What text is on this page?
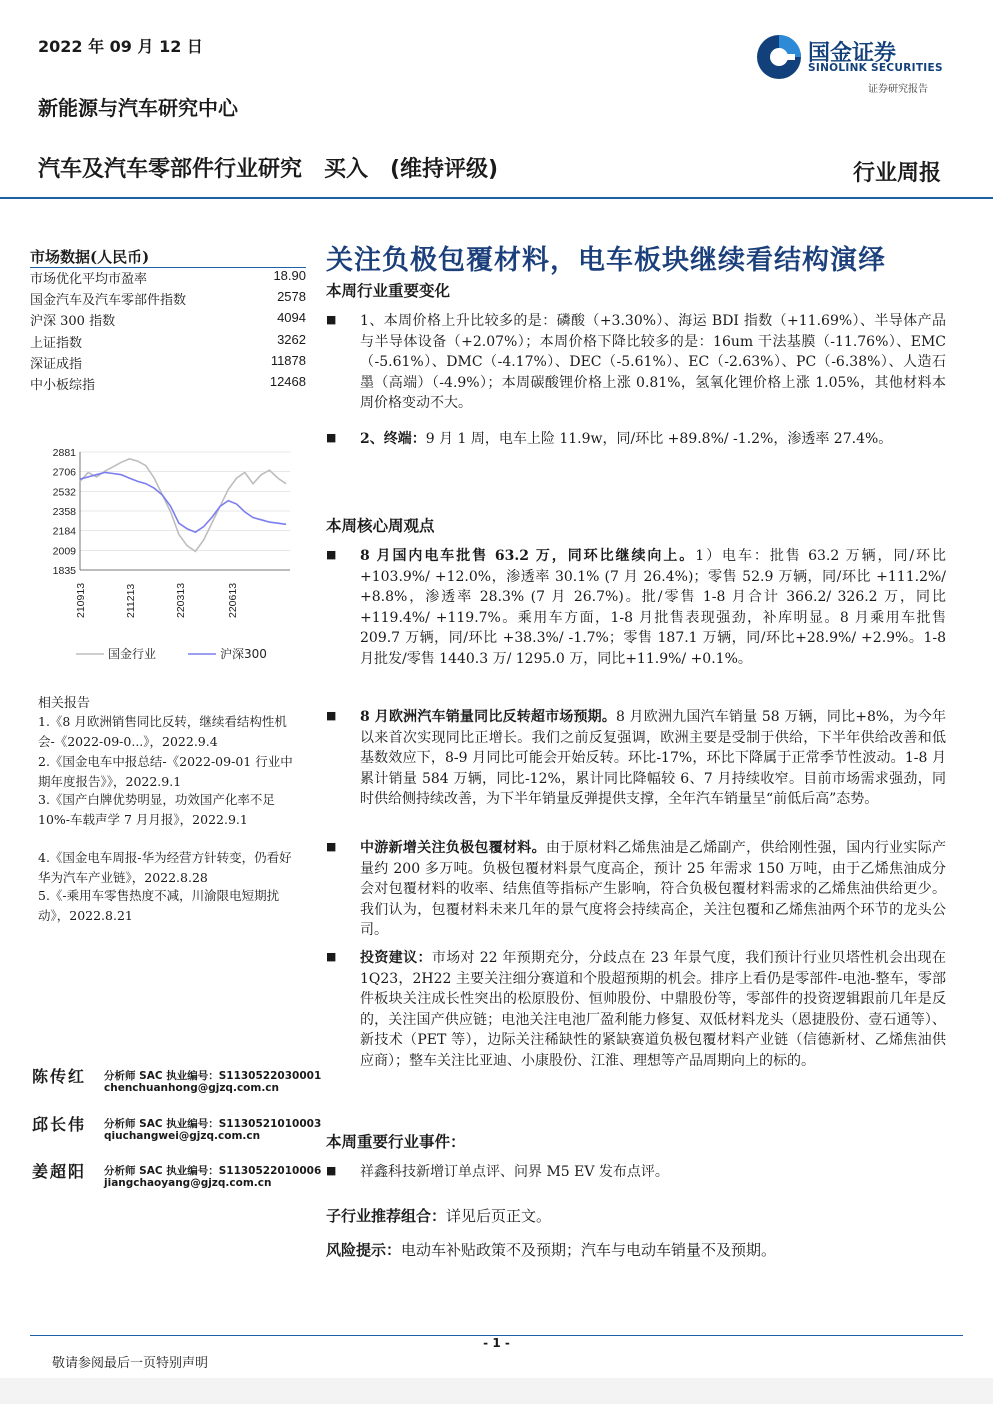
2022 年 09 月 12 日
新能源与汽车研究中心
汽车及汽车零部件行业研究　买入　(维持评级)	行业周报
国金证券
SINOLINK SECURITIES
证券研究报告
市场数据(人民币)
市场优化平均市盈率	18.90
国金汽车及汽车零部件指数	2578
沪深 300 指数	4094
上证指数	3262
深证成指	11878
中小板综指	12468
2881
2706
2532
2358
2184
2009
1835
210913	211213	220313	220613
国金行业	沪深300
相关报告
1.《8 月欧洲销售同比反转，继续看结构性机会-《2022-09-0...》，2022.9.4
2.《国金电车中报总结-《2022-09-01 行业中期年度报告》》，2022.9.1
3.《国产白牌优势明显，功效国产化率不足 10%-车载声学 7 月月报》，2022.9.1
4.《国金电车周报-华为经营方针转变，仍看好华为汽车产业链》，2022.8.28
5.《-乘用车零售热度不减，川渝限电短期扰动》，2022.8.21
陈传红 分析师 SAC 执业编号：S1130522030001
chenchuanhong@gjzq.com.cn
邱长伟 分析师 SAC 执业编号：S1130521010003
qiuchangwei@gjzq.com.cn
姜超阳 分析师 SAC 执业编号：S1130522010006
jiangchaoyang@gjzq.com.cn
关注负极包覆材料，电车板块继续看结构演绎
本周行业重要变化
■ 1、本周价格上升比较多的是：磷酸（+3.30%）、海运 BDI 指数（+11.69%）、半导体产品与半导体设备（+2.07%）；本周价格下降比较多的是：16um 干法基膜（-11.76%）、EMC（-5.61%）、DMC（-4.17%）、DEC（-5.61%）、EC（-2.63%）、PC（-6.38%）、人造石墨（高端）（-4.9%）；本周碳酸锂价格上涨 0.81%，氢氧化锂价格上涨 1.05%，其他材料本周价格变动不大。
■ 2、终端：9 月 1 周，电车上险 11.9w，同/环比 +89.8%/ -1.2%，渗透率 27.4%。
本周核心周观点
■ 8 月国内电车批售 63.2 万，同环比继续向上。1）电车：批售 63.2 万辆，同/环比 +103.9%/ +12.0%，渗透率 30.1% (7 月 26.4%)；零售 52.9 万辆，同/环比 +111.2%/ +8.8%，渗透率 28.3% (7 月 26.7%)。批/零售 1-8 月合计 366.2/ 326.2 万，同比+119.4%/ +119.7%。乘用车方面，1-8 月批售表现强劲，补库明显。8 月乘用车批售 209.7 万辆，同/环比 +38.3%/ -1.7%；零售 187.1 万辆，同/环比+28.9%/ +2.9%。1-8 月批发/零售 1440.3 万/ 1295.0 万，同比+11.9%/ +0.1%。
■ 8 月欧洲汽车销量同比反转超市场预期。8 月欧洲九国汽车销量 58 万辆，同比+8%，为今年以来首次实现同比正增长。我们之前反复强调，欧洲主要是受制于供给，下半年供给改善和低基数效应下，8-9 月同比可能会开始反转。环比-17%，环比下降属于正常季节性波动。1-8 月累计销量 584 万辆，同比-12%，累计同比降幅较 6、7 月持续收窄。目前市场需求强劲，同时供给侧持续改善，为下半年销量反弹提供支撑，全年汽车销量呈“前低后高”态势。
■ 中游新增关注负极包覆材料。由于原材料乙烯焦油是乙烯副产，供给刚性强，国内行业实际产量约 200 多万吨。负极包覆材料景气度高企，预计 25 年需求 150 万吨，由于乙烯焦油成分会对包覆材料的收率、结焦值等指标产生影响，符合负极包覆材料需求的乙烯焦油供给更少。我们认为，包覆材料未来几年的景气度将会持续高企，关注包覆和乙烯焦油两个环节的龙头公司。
■ 投资建议：市场对 22 年预期充分，分歧点在 23 年景气度，我们预计行业贝塔性机会出现在 1Q23，2H22 主要关注细分赛道和个股超预期的机会。排序上看仍是零部件-电池-整车，零部件板块关注成长性突出的松原股份、恒帅股份、中鼎股份等，零部件的投资逻辑跟前几年是反的，关注国产供应链；电池关注电池厂盈利能力修复、双低材料龙头（恩捷股份、壹石通等）、新技术（PET 等），边际关注稀缺性的紧缺赛道负极包覆材料产业链（信德新材、乙烯焦油供应商）；整车关注比亚迪、小康股份、江淮、理想等产品周期向上的标的。
本周重要行业事件：
■ 祥鑫科技新增订单点评、问界 M5 EV 发布点评。
子行业推荐组合：详见后页正文。
风险提示：电动车补贴政策不及预期；汽车与电动车销量不及预期。
- 1 -
敬请参阅最后一页特别声明
